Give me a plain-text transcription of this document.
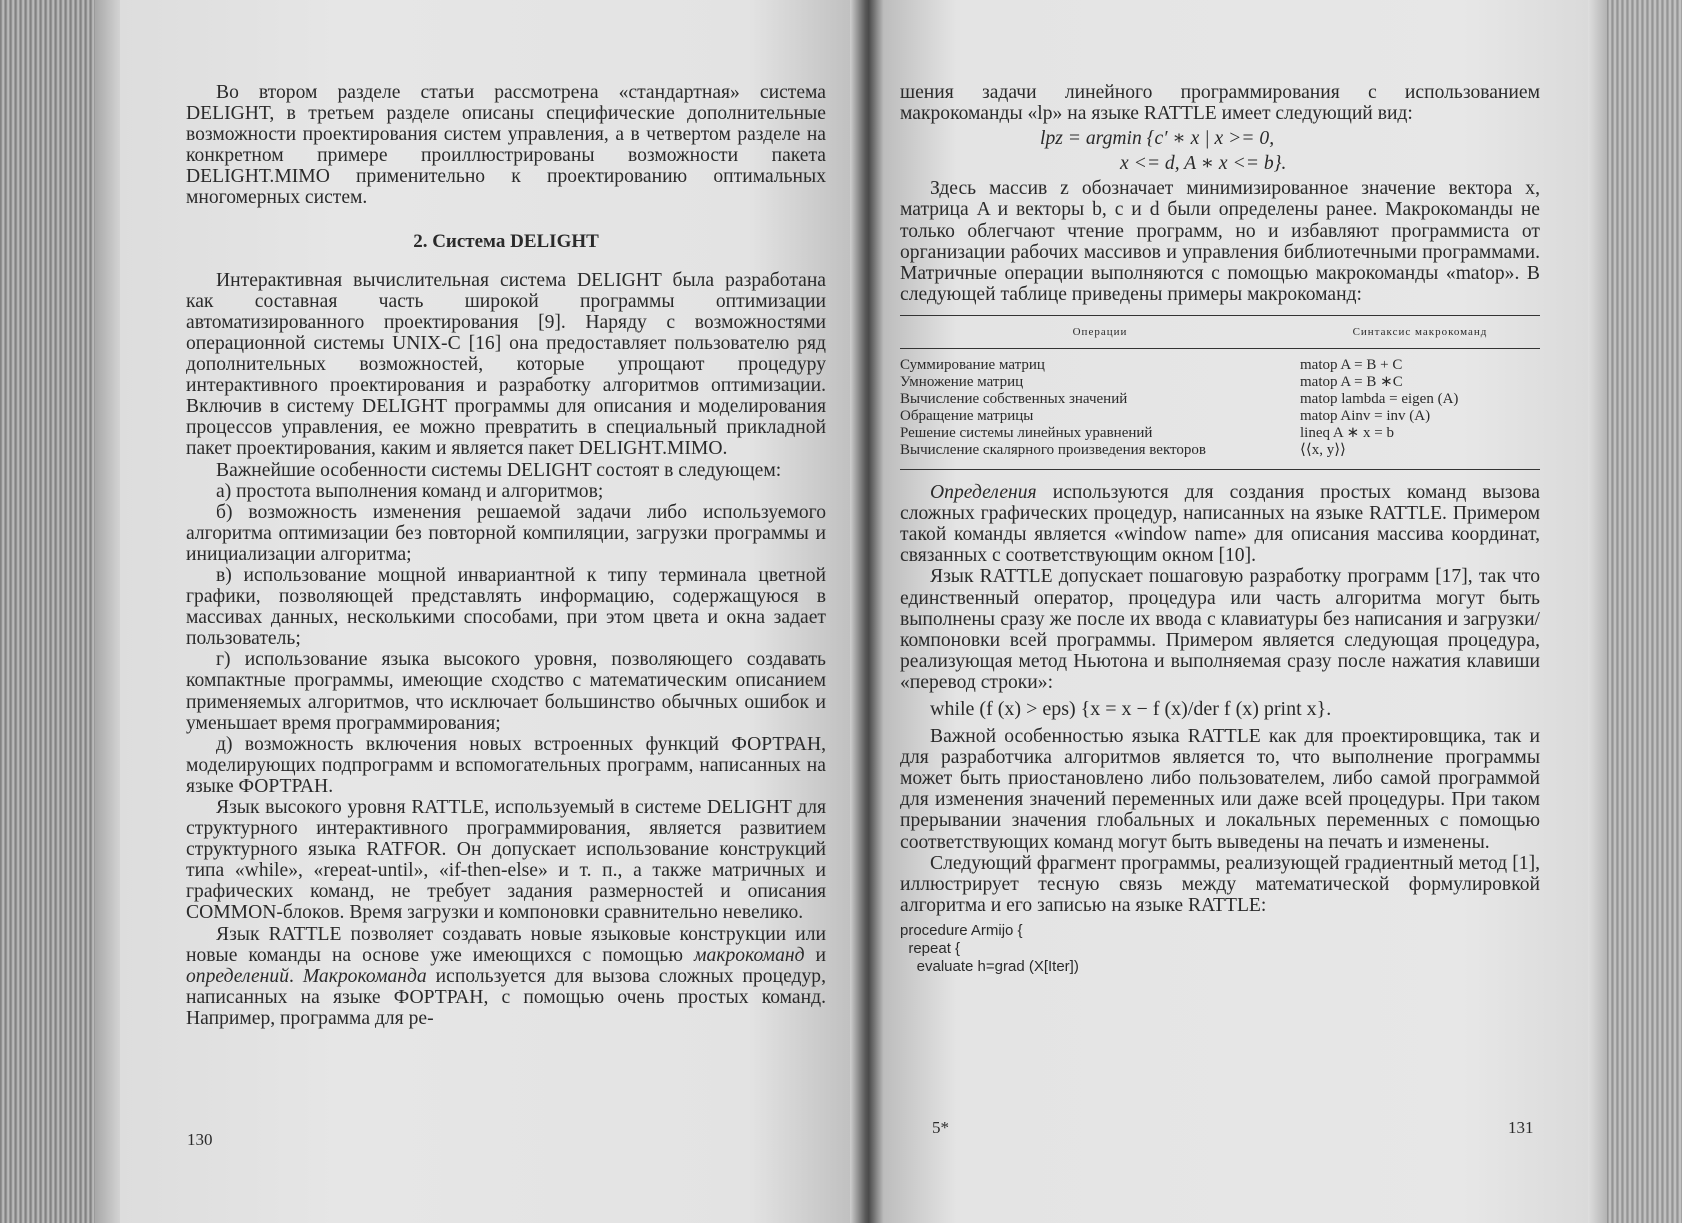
Во втором разделе статьи рассмотрена «стандартная» система DELIGHT, в третьем разделе описаны специфические дополнительные возможности проектирования систем управления, а в четвертом разделе на конкретном примере проиллюстрированы возможности пакета DELIGHT.MIMO применительно к проектированию оптимальных многомерных систем.

2. Система DELIGHT

Интерактивная вычислительная система DELIGHT была разработана как составная часть широкой программы оптимизации автоматизированного проектирования [9]. Наряду с возможностями операционной системы UNIX-C [16] она предоставляет пользователю ряд дополнительных возможностей, которые упрощают процедуру интерактивного проектирования и разработку алгоритмов оптимизации. Включив в систему DELIGHT программы для описания и моделирования процессов управления, ее можно превратить в специальный прикладной пакет проектирования, каким и является пакет DELIGHT.MIMO.

Важнейшие особенности системы DELIGHT состоят в следующем:

а) простота выполнения команд и алгоритмов;

б) возможность изменения решаемой задачи либо используемого алгоритма оптимизации без повторной компиляции, загрузки программы и инициализации алгоритма;

в) использование мощной инвариантной к типу терминала цветной графики, позволяющей представлять информацию, содержащуюся в массивах данных, несколькими способами, при этом цвета и окна задает пользователь;

г) использование языка высокого уровня, позволяющего создавать компактные программы, имеющие сходство с математическим описанием применяемых алгоритмов, что исключает большинство обычных ошибок и уменьшает время программирования;

д) возможность включения новых встроенных функций ФОРТРАН, моделирующих подпрограмм и вспомогательных программ, написанных на языке ФОРТРАН.

Язык высокого уровня RATTLE, используемый в системе DELIGHT для структурного интерактивного программирования, является развитием структурного языка RATFOR. Он допускает использование конструкций типа «while», «repeat-until», «if-then-else» и т. п., а также матричных и графических команд, не требует задания размерностей и описания COMMON-блоков. Время загрузки и компоновки сравнительно невелико.

Язык RATTLE позволяет создавать новые языковые конструкции или новые команды на основе уже имеющихся с помощью макрокоманд и определений. Макрокоманда используется для вызова сложных процедур, написанных на языке ФОРТРАН, с помощью очень простых команд. Например, программа для ре-

130

шения задачи линейного программирования с использованием макрокоманды «lp» на языке RATTLE имеет следующий вид:

lpz = argmin {c′ ∗ x | x >= 0,

x <= d, A ∗ x <= b}.

Здесь массив z обозначает минимизированное значение вектора x, матрица A и векторы b, c и d были определены ранее. Макрокоманды не только облегчают чтение программ, но и избавляют программиста от организации рабочих массивов и управления библиотечными программами. Матричные операции выполняются с помощью макрокоманды «matop». В следующей таблице приведены примеры макрокоманд:

Операции	Синтаксис макрокоманд
Суммирование матриц	matop A = B + C
Умножение матриц	matop A = B ∗C
Вычисление собственных значений	matop lambda = eigen (A)
Обращение матрицы	matop Ainv = inv (A)
Решение системы линейных уравнений	lineq A ∗ x = b
Вычисление скалярного произведения векторов	⟨⟨x, y⟩⟩

Определения используются для создания простых команд вызова сложных графических процедур, написанных на языке RATTLE. Примером такой команды является «window name» для описания массива координат, связанных с соответствующим окном [10].

Язык RATTLE допускает пошаговую разработку программ [17], так что единственный оператор, процедура или часть алгоритма могут быть выполнены сразу же после их ввода с клавиатуры без написания и загрузки/компоновки всей программы. Примером является следующая процедура, реализующая метод Ньютона и выполняемая сразу после нажатия клавиши «перевод строки»:

while (f (x) > eps) {x = x − f (x)/der f (x) print x}.

Важной особенностью языка RATTLE как для проектировщика, так и для разработчика алгоритмов является то, что выполнение программы может быть приостановлено либо пользователем, либо самой программой для изменения значений переменных или даже всей процедуры. При таком прерывании значения глобальных и локальных переменных с помощью соответствующих команд могут быть выведены на печать и изменены.

Следующий фрагмент программы, реализующей градиентный метод [1], иллюстрирует тесную связь между математической формулировкой алгоритма и его записью на языке RATTLE:

procedure Armijo {
repeat {
evaluate h=grad (X[Iter])
5*	131
